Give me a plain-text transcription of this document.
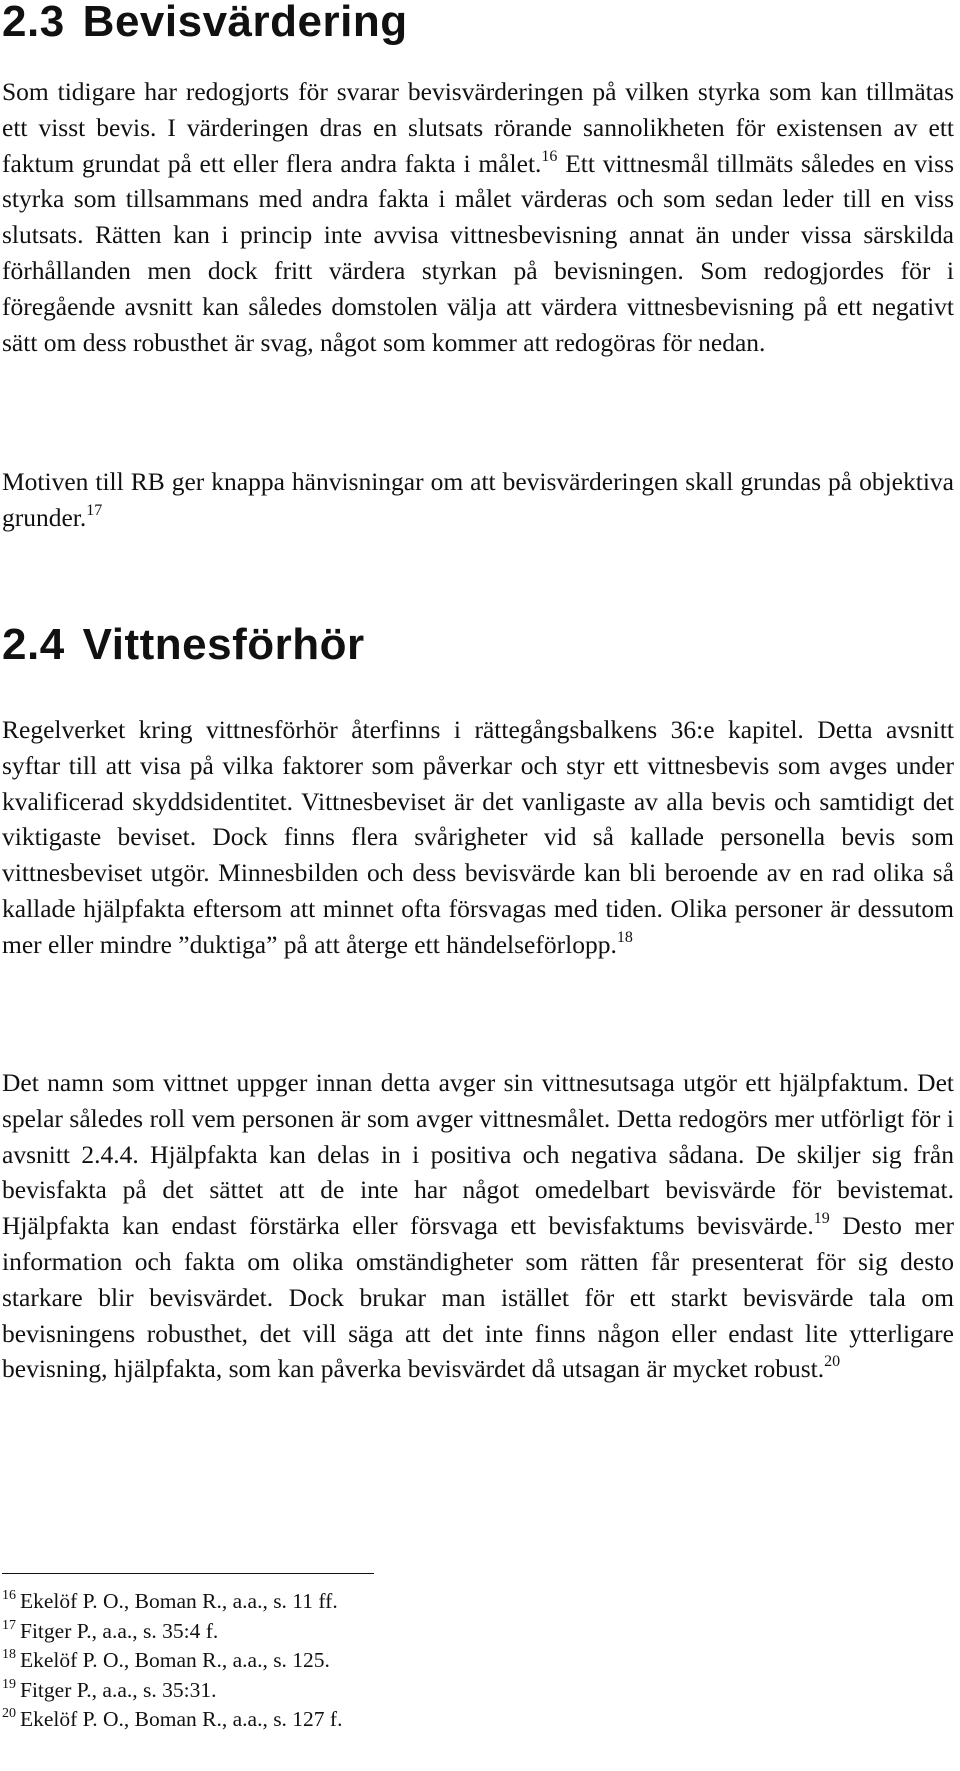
2.3 Bevisvärdering

Som tidigare har redogjorts för svarar bevisvärderingen på vilken styrka som kan tillmätas ett visst bevis. I värderingen dras en slutsats rörande sannolikheten för existensen av ett faktum grundat på ett eller flera andra fakta i målet.$^{16}$ Ett vittnesmål tillmäts således en viss styrka som tillsammans med andra fakta i målet värderas och som sedan leder till en viss slutsats. Rätten kan i princip inte avvisa vittnesbevisning annat än under vissa särskilda förhållanden men dock fritt värdera styrkan på bevisningen. Som redogjordes för i föregående avsnitt kan således domstolen välja att värdera vittnesbevisning på ett negativt sätt om dess robusthet är svag, något som kommer att redogöras för nedan.

Motiven till RB ger knappa hänvisningar om att bevisvärderingen skall grundas på objektiva grunder.$^{17}$

2.4 Vittnesförhör

Regelverket kring vittnesförhör återfinns i rättegångsbalkens 36:e kapitel. Detta avsnitt syftar till att visa på vilka faktorer som påverkar och styr ett vittnesbevis som avges under kvalificerad skyddsidentitet. Vittnesbeviset är det vanligaste av alla bevis och samtidigt det viktigaste beviset. Dock finns flera svårigheter vid så kallade personella bevis som vittnesbeviset utgör. Minnesbilden och dess bevisvärde kan bli beroende av en rad olika så kallade hjälpfakta eftersom att minnet ofta försvagas med tiden. Olika personer är dessutom mer eller mindre ”duktiga” på att återge ett händelseförlopp.$^{18}$

Det namn som vittnet uppger innan detta avger sin vittnesutsaga utgör ett hjälpfaktum. Det spelar således roll vem personen är som avger vittnesmålet. Detta redogörs mer utförligt för i avsnitt 2.4.4. Hjälpfakta kan delas in i positiva och negativa sådana. De skiljer sig från bevisfakta på det sättet att de inte har något omedelbart bevisvärde för bevistemat. Hjälpfakta kan endast förstärka eller försvaga ett bevisfaktums bevisvärde.$^{19}$ Desto mer information och fakta om olika omständigheter som rätten får presenterat för sig desto starkare blir bevisvärdet. Dock brukar man istället för ett starkt bevisvärde tala om bevisningens robusthet, det vill säga att det inte finns någon eller endast lite ytterligare bevisning, hjälpfakta, som kan påverka bevisvärdet då utsagan är mycket robust.$^{20}$

$^{16}$ Ekelöf P. O., Boman R., a.a., s. 11 ff.
$^{17}$ Fitger P., a.a., s. 35:4 f.
$^{18}$ Ekelöf P. O., Boman R., a.a., s. 125.
$^{19}$ Fitger P., a.a., s. 35:31.
$^{20}$ Ekelöf P. O., Boman R., a.a., s. 127 f.
